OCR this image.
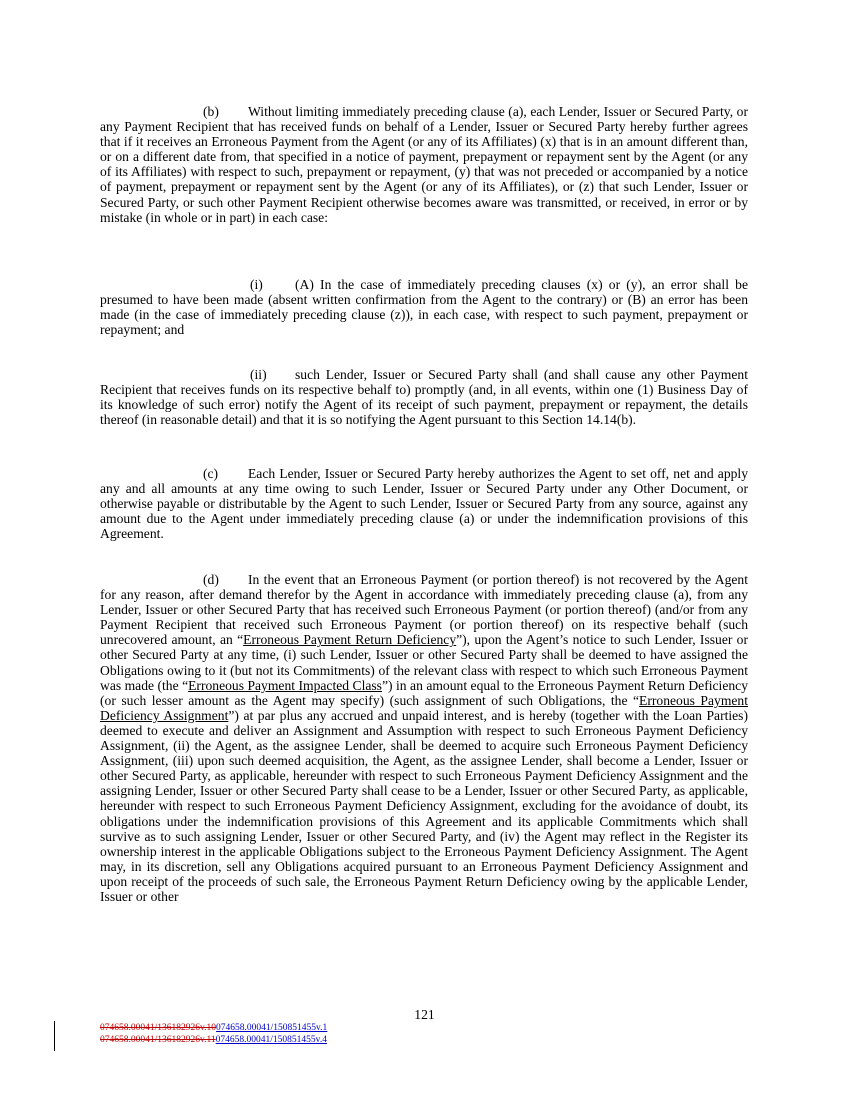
(b) Without limiting immediately preceding clause (a), each Lender, Issuer or Secured Party, or any Payment Recipient that has received funds on behalf of a Lender, Issuer or Secured Party hereby further agrees that if it receives an Erroneous Payment from the Agent (or any of its Affiliates) (x) that is in an amount different than, or on a different date from, that specified in a notice of payment, prepayment or repayment sent by the Agent (or any of its Affiliates) with respect to such, prepayment or repayment, (y) that was not preceded or accompanied by a notice of payment, prepayment or repayment sent by the Agent (or any of its Affiliates), or (z) that such Lender, Issuer or Secured Party, or such other Payment Recipient otherwise becomes aware was transmitted, or received, in error or by mistake (in whole or in part) in each case:

(i) (A) In the case of immediately preceding clauses (x) or (y), an error shall be presumed to have been made (absent written confirmation from the Agent to the contrary) or (B) an error has been made (in the case of immediately preceding clause (z)), in each case, with respect to such payment, prepayment or repayment; and

(ii) such Lender, Issuer or Secured Party shall (and shall cause any other Payment Recipient that receives funds on its respective behalf to) promptly (and, in all events, within one (1) Business Day of its knowledge of such error) notify the Agent of its receipt of such payment, prepayment or repayment, the details thereof (in reasonable detail) and that it is so notifying the Agent pursuant to this Section 14.14(b).

(c) Each Lender, Issuer or Secured Party hereby authorizes the Agent to set off, net and apply any and all amounts at any time owing to such Lender, Issuer or Secured Party under any Other Document, or otherwise payable or distributable by the Agent to such Lender, Issuer or Secured Party from any source, against any amount due to the Agent under immediately preceding clause (a) or under the indemnification provisions of this Agreement.

(d) In the event that an Erroneous Payment (or portion thereof) is not recovered by the Agent for any reason, after demand therefor by the Agent in accordance with immediately preceding clause (a), from any Lender, Issuer or other Secured Party that has received such Erroneous Payment (or portion thereof) (and/or from any Payment Recipient that received such Erroneous Payment (or portion thereof) on its respective behalf (such unrecovered amount, an “Erroneous Payment Return Deficiency”), upon the Agent’s notice to such Lender, Issuer or other Secured Party at any time, (i) such Lender, Issuer or other Secured Party shall be deemed to have assigned the Obligations owing to it (but not its Commitments) of the relevant class with respect to which such Erroneous Payment was made (the “Erroneous Payment Impacted Class”) in an amount equal to the Erroneous Payment Return Deficiency (or such lesser amount as the Agent may specify) (such assignment of such Obligations, the “Erroneous Payment Deficiency Assignment”) at par plus any accrued and unpaid interest, and is hereby (together with the Loan Parties) deemed to execute and deliver an Assignment and Assumption with respect to such Erroneous Payment Deficiency Assignment, (ii) the Agent, as the assignee Lender, shall be deemed to acquire such Erroneous Payment Deficiency Assignment, (iii) upon such deemed acquisition, the Agent, as the assignee Lender, shall become a Lender, Issuer or other Secured Party, as applicable, hereunder with respect to such Erroneous Payment Deficiency Assignment and the assigning Lender, Issuer or other Secured Party shall cease to be a Lender, Issuer or other Secured Party, as applicable, hereunder with respect to such Erroneous Payment Deficiency Assignment, excluding for the avoidance of doubt, its obligations under the indemnification provisions of this Agreement and its applicable Commitments which shall survive as to such assigning Lender, Issuer or other Secured Party, and (iv) the Agent may reflect in the Register its ownership interest in the applicable Obligations subject to the Erroneous Payment Deficiency Assignment. The Agent may, in its discretion, sell any Obligations acquired pursuant to an Erroneous Payment Deficiency Assignment and upon receipt of the proceeds of such sale, the Erroneous Payment Return Deficiency owing by the applicable Lender, Issuer or other

121
074658.00041/136182926v.10074658.00041/150851455v.1
074658.00041/136182926v.11074658.00041/150851455v.4
